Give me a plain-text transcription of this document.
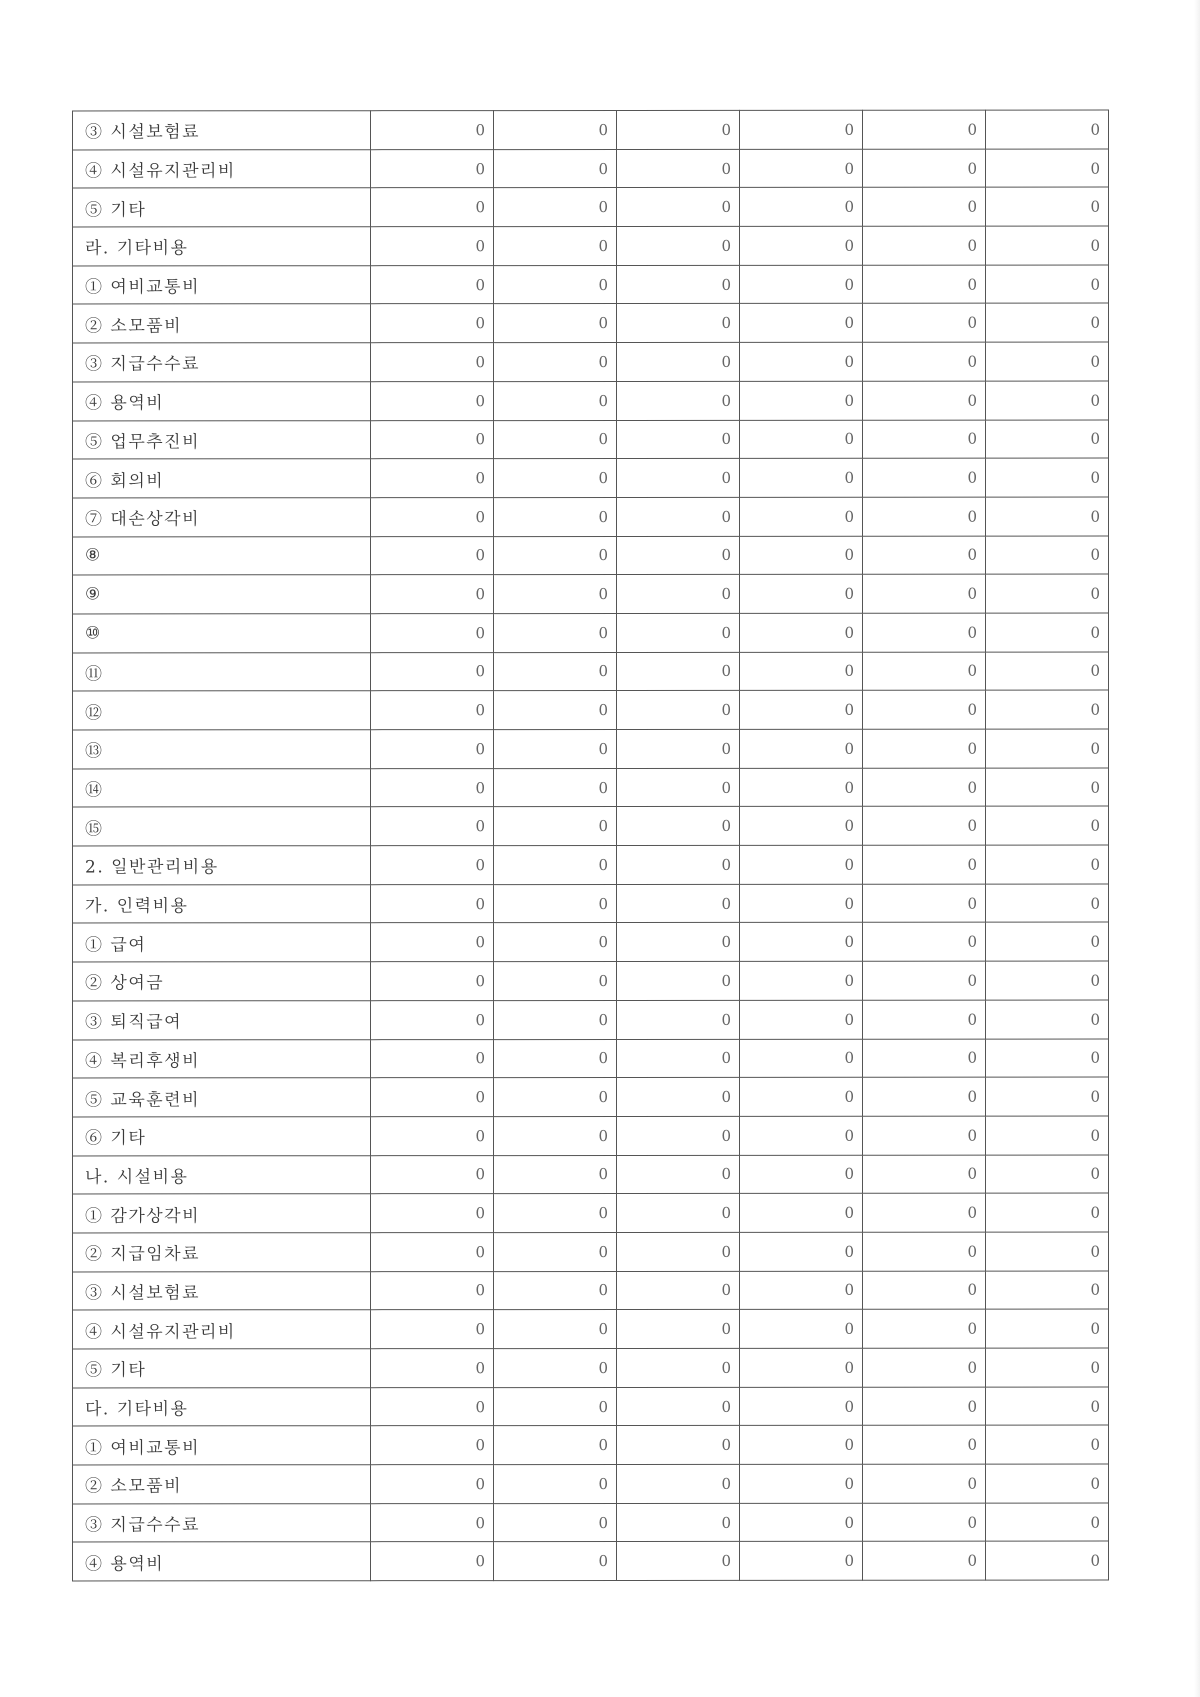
③ 시설보험료	0	0	0	0	0	0
④ 시설유지관리비	0	0	0	0	0	0
⑤ 기타	0	0	0	0	0	0
라. 기타비용	0	0	0	0	0	0
① 여비교통비	0	0	0	0	0	0
② 소모품비	0	0	0	0	0	0
③ 지급수수료	0	0	0	0	0	0
④ 용역비	0	0	0	0	0	0
⑤ 업무추진비	0	0	0	0	0	0
⑥ 회의비	0	0	0	0	0	0
⑦ 대손상각비	0	0	0	0	0	0
⑧	0	0	0	0	0	0
⑨	0	0	0	0	0	0
⑩	0	0	0	0	0	0
⑪	0	0	0	0	0	0
⑫	0	0	0	0	0	0
⑬	0	0	0	0	0	0
⑭	0	0	0	0	0	0
⑮	0	0	0	0	0	0
2. 일반관리비용	0	0	0	0	0	0
가. 인력비용	0	0	0	0	0	0
① 급여	0	0	0	0	0	0
② 상여금	0	0	0	0	0	0
③ 퇴직급여	0	0	0	0	0	0
④ 복리후생비	0	0	0	0	0	0
⑤ 교육훈련비	0	0	0	0	0	0
⑥ 기타	0	0	0	0	0	0
나. 시설비용	0	0	0	0	0	0
① 감가상각비	0	0	0	0	0	0
② 지급임차료	0	0	0	0	0	0
③ 시설보험료	0	0	0	0	0	0
④ 시설유지관리비	0	0	0	0	0	0
⑤ 기타	0	0	0	0	0	0
다. 기타비용	0	0	0	0	0	0
① 여비교통비	0	0	0	0	0	0
② 소모품비	0	0	0	0	0	0
③ 지급수수료	0	0	0	0	0	0
④ 용역비	0	0	0	0	0	0
